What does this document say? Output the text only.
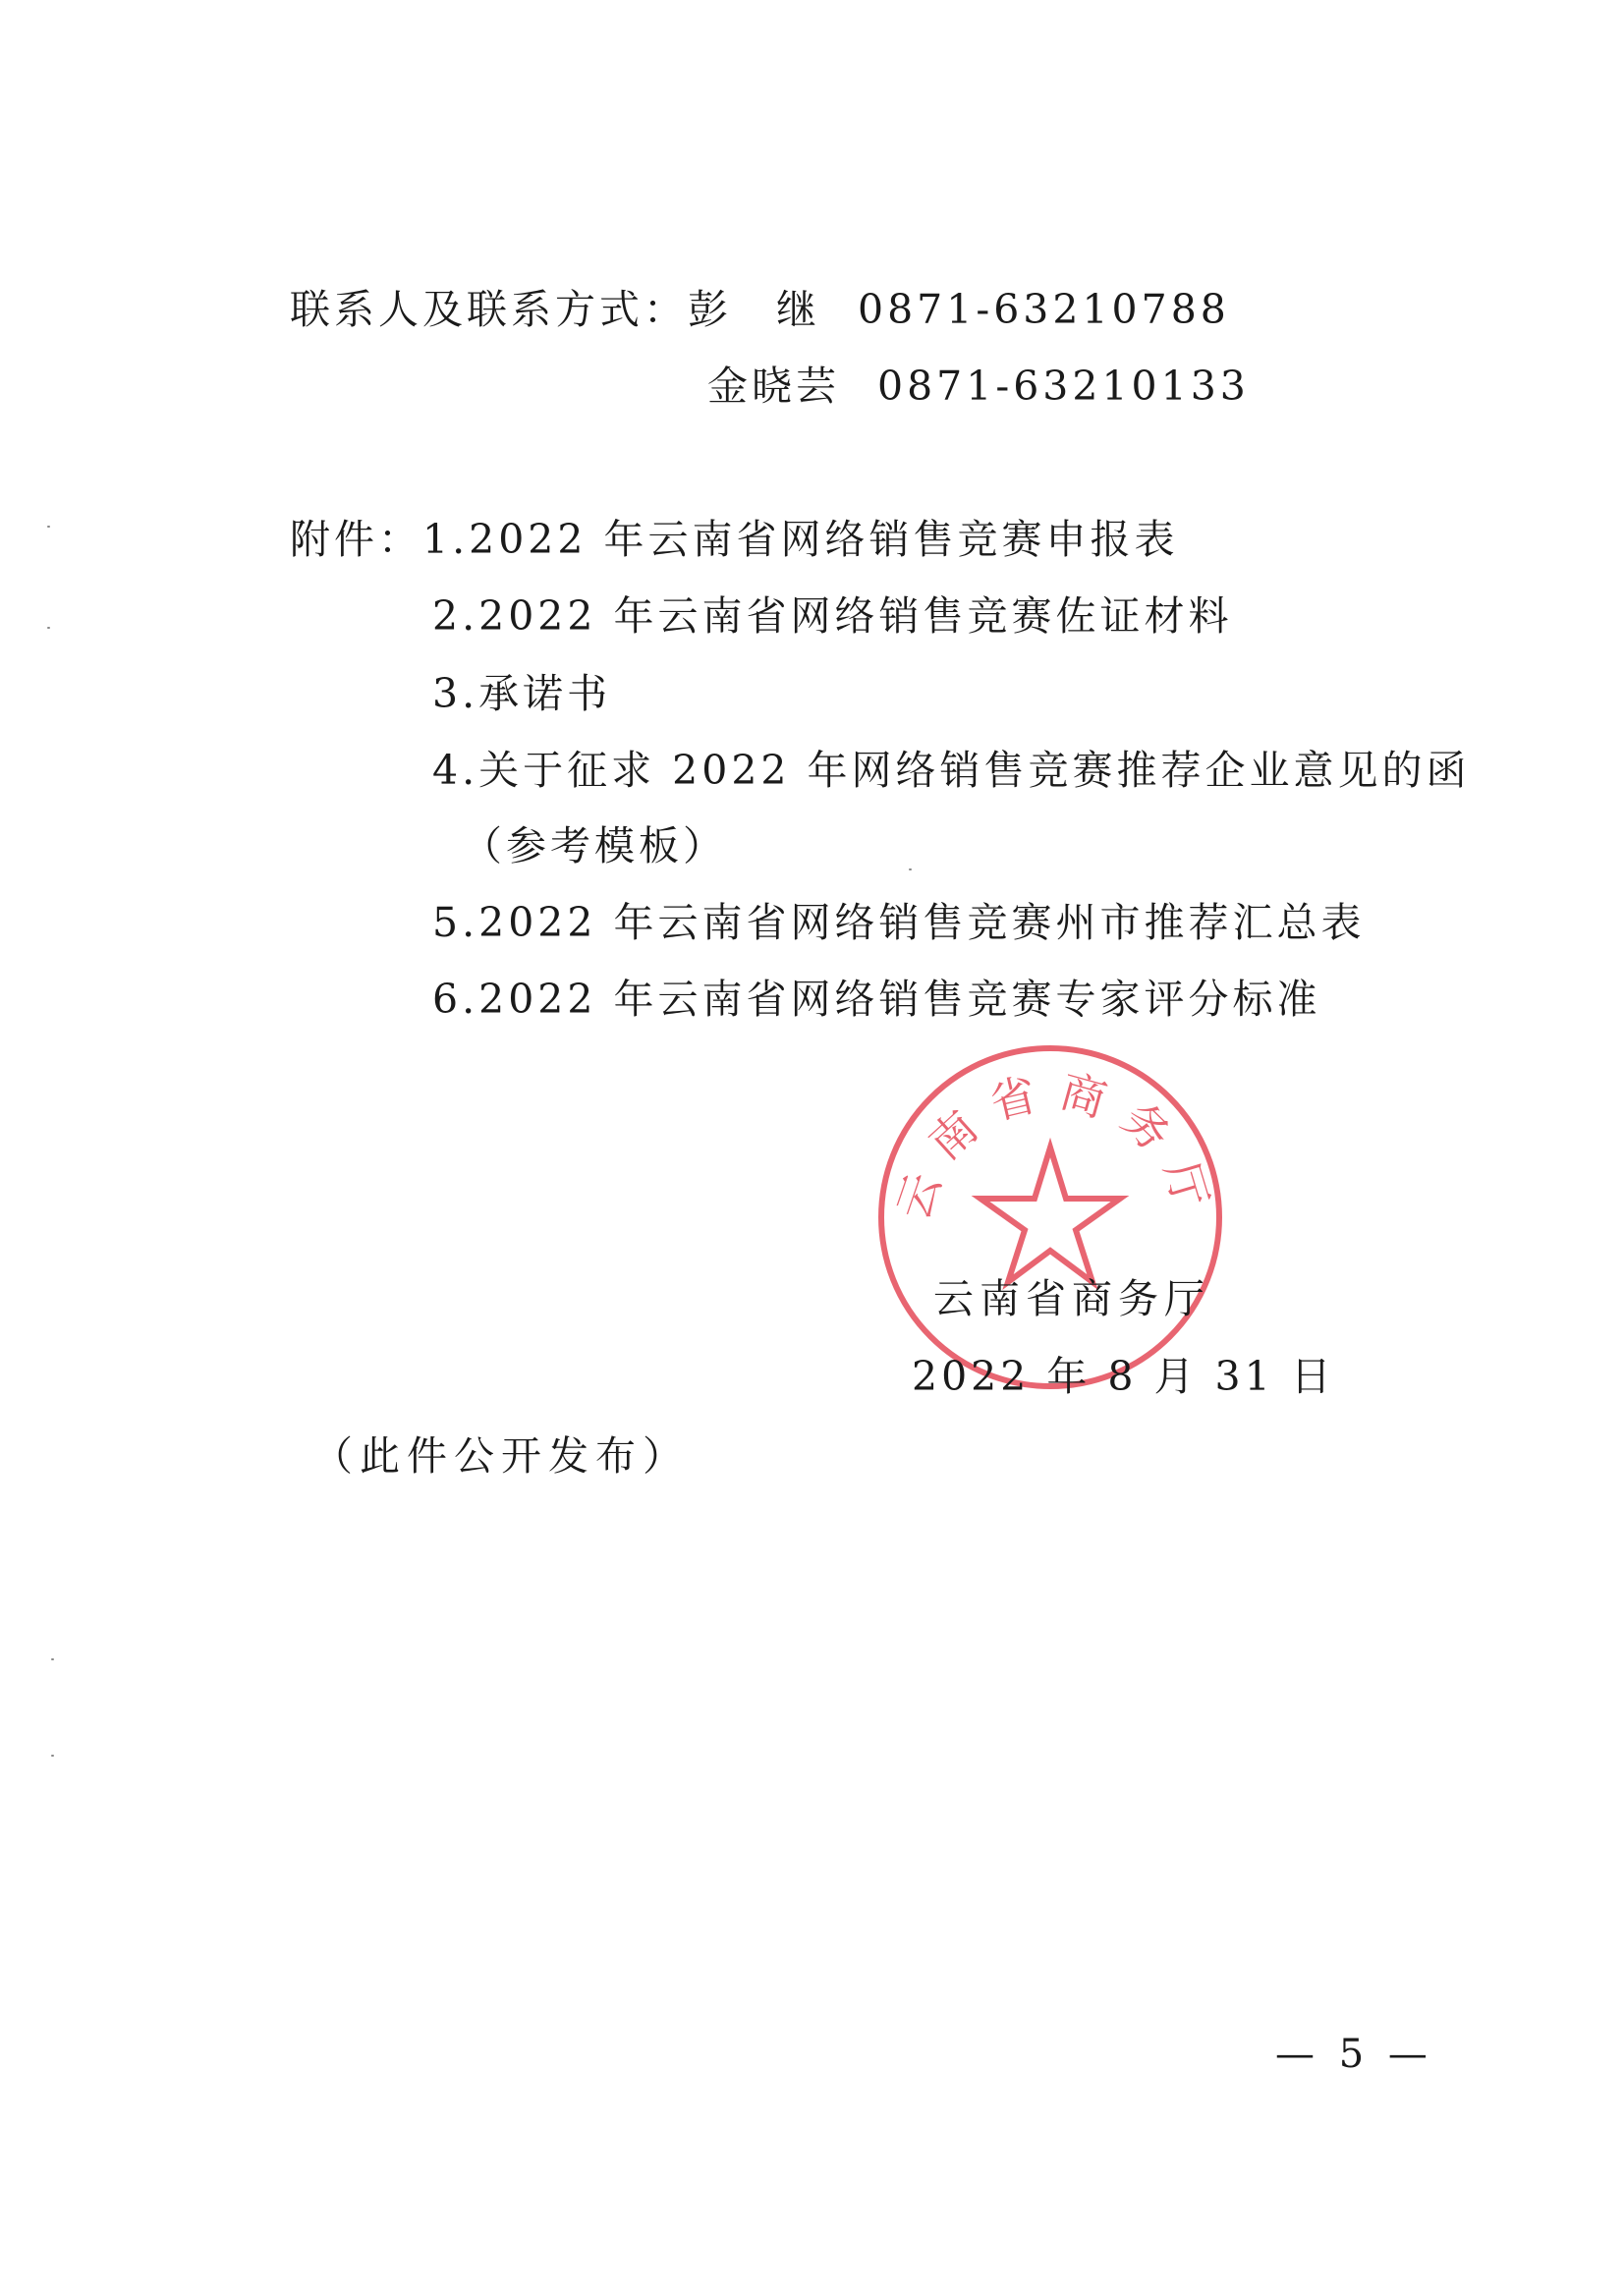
联系人及联系方式：彭　继 0871-63210788
金晓芸 0871-63210133
附件：1.2022 年云南省网络销售竞赛申报表
2.2022 年云南省网络销售竞赛佐证材料
3.承诺书
4.关于征求 2022 年网络销售竞赛推荐企业意见的函
（参考模板）
5.2022 年云南省网络销售竞赛州市推荐汇总表
6.2022 年云南省网络销售竞赛专家评分标准
云南省商务厅
云南省商务厅
2022 年 8 月 31 日
（此件公开发布）
— 5 —
